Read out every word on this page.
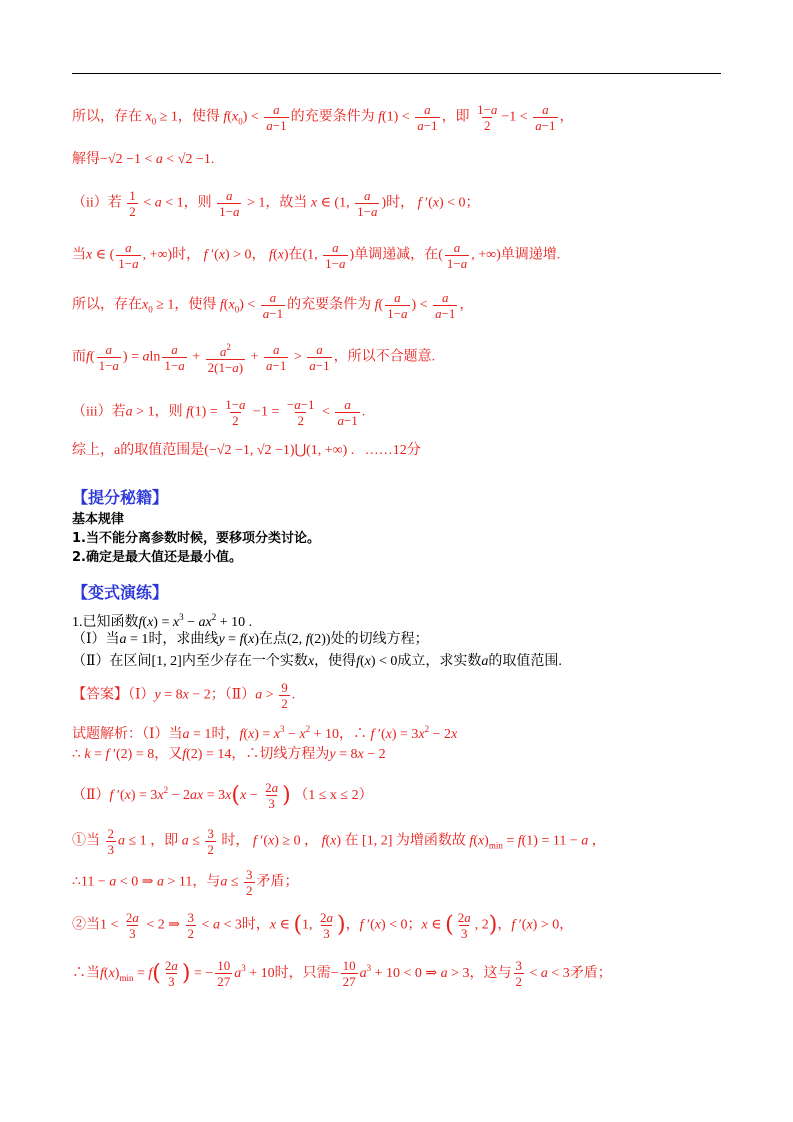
所以，存在 $x_0 \ge 1$，使得 $f(x_0) < \frac{a}{a-1}$ 的充要条件为 $f(1) < \frac{a}{a-1}$ ，即 $\frac{1-a}{2} -1 < \frac{a}{a-1}$ ，
解得−√2 −1 < a < √2 −1.
（ii）若 $\frac{1}{2} < a < 1$，则 $\frac{a}{1-a} > 1$，故当 x ∈ (1, $\frac{a}{1-a}$ )时， f ′(x) < 0；
当x ∈ ( $\frac{a}{1-a}$ , +∞)时， f ′(x) > 0， f(x)在(1, $\frac{a}{1-a}$ )单调递减，在( $\frac{a}{1-a}$ , +∞)单调递增.
所以，存在$x_0 \ge 1$，使得 $f(x_0) < \frac{a}{a-1}$ 的充要条件为 $f( \frac{a}{1-a}$ ) < $\frac{a}{a-1}$ ，
而$f( \frac{a}{1-a}$ ) = aln $\frac{a}{1-a} + \frac{a^2}{2(1-a)} + \frac{a}{a-1} > \frac{a}{a-1}$ ，所以不合题意.
（iii）若a > 1，则 $f(1) = \frac{1-a}{2} -1 = \frac{-a-1}{2} < \frac{a}{a-1}$ .
综上，a的取值范围是(−√2 −1, √2 −1)⋃(1, +∞) .   ……12分
【提分秘籍】
基本规律
1.当不能分离参数时候，要移项分类讨论。
2.确定是最大值还是最小值。
【变式演练】
1.已知函数$f(x) = x^3 - ax^2 + 10$ .
（Ⅰ）当a = 1时，求曲线y = f(x)在点(2, f(2))处的切线方程；
（Ⅱ）在区间[1, 2]内至少存在一个实数x，使得f(x) < 0成立，求实数a的取值范围.
【答案】（Ⅰ）y = 8x − 2；（Ⅱ）a > $\frac{9}{2}$ .
试题解析：（Ⅰ）当a = 1时，$f(x) = x^3 - x^2 + 10$，∴ f $'(x) = 3x^2 - 2x$
∴ k = f ′(2) = 8，又f(2) = 14，∴切线方程为y = 8x − 2
（Ⅱ）f $'(x) = 3x^2 - 2ax = 3x(x - \frac{2a}{3}$ ) （1 ≤ x ≤ 2）
①当 $\frac{2}{3}$ a ≤ 1 ，即 $a \le \frac{3}{2}$ 时， f ′(x) ≥ 0 ， f(x) 在 [1, 2] 为增函数故 $f(x)_{min} = f(1) = 11 - a$ ，
∴11 − a < 0 ⇒ a > 11，与$a \le \frac{3}{2}$ 矛盾；
②当$1 < \frac{2a}{3} < 2$ ⇒ $\frac{3}{2} < a < 3$时，x ∈ (1, $\frac{2a}{3}$ )，f ′(x) < 0；x ∈ ( $\frac{2a}{3}$ , 2)，f ′(x) > 0，
∴当$f(x)_{min} = f( \frac{2a}{3}$ ) = − $\frac{10}{27} a^3 + 10$时，只需− $\frac{10}{27} a^3 + 10 < 0$ ⇒ a > 3，这与 $\frac{3}{2} < a < 3$矛盾；
